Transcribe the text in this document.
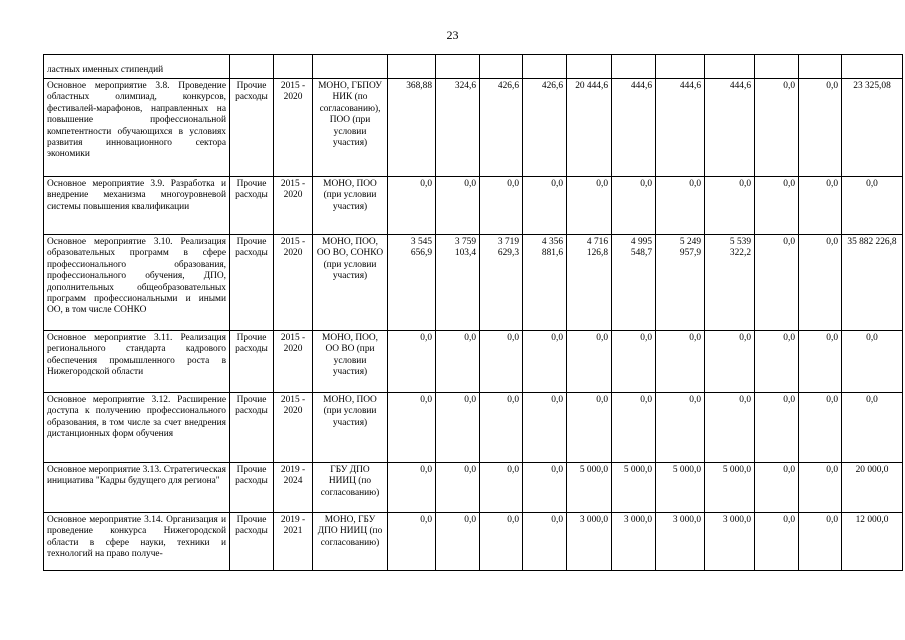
23
ластных именных стипендий														
Основное мероприятие 3.8. Проведение областных олимпиад, конкурсов, фестивалей-марафонов, направленных на повышение профессиональной компетентности обучающихся в условиях развития инновационного сектора экономики	Прочие расходы	2015 - 2020	МОНО, ГБПОУ НИК (по согласованию), ПОО (при условии участия)	368,88	324,6	426,6	426,6	20 444,6	444,6	444,6	444,6	0,0	0,0	23 325,08
Основное мероприятие 3.9. Разработка и внедрение механизма многоуровневой системы повышения квалификации	Прочие расходы	2015 - 2020	МОНО, ПОО (при условии участия)	0,0	0,0	0,0	0,0	0,0	0,0	0,0	0,0	0,0	0,0	0,0
Основное мероприятие 3.10. Реализация образовательных программ в сфере профессионального образования, профессионального обучения, ДПО, дополнительных общеобразовательных программ профессиональными и иными ОО, в том числе СОНКО	Прочие расходы	2015 - 2020	МОНО, ПОО, ОО ВО, СОНКО (при условии участия)	3 545 656,9	3 759 103,4	3 719 629,3	4 356 881,6	4 716 126,8	4 995 548,7	5 249 957,9	5 539 322,2	0,0	0,0	35 882 226,8
Основное мероприятие 3.11. Реализация регионального стандарта кадрового обеспечения промышленного роста в Нижегородской области	Прочие расходы	2015 - 2020	МОНО, ПОО, ОО ВО (при условии участия)	0,0	0,0	0,0	0,0	0,0	0,0	0,0	0,0	0,0	0,0	0,0
Основное мероприятие 3.12. Расширение доступа к получению профессионального образования, в том числе за счет внедрения дистанционных форм обучения	Прочие расходы	2015 - 2020	МОНО, ПОО (при условии участия)	0,0	0,0	0,0	0,0	0,0	0,0	0,0	0,0	0,0	0,0	0,0
Основное мероприятие 3.13. Стратегическая инициатива "Кадры будущего для региона"	Прочие расходы	2019 - 2024	ГБУ ДПО НИИЦ (по согласованию)	0,0	0,0	0,0	0,0	5 000,0	5 000,0	5 000,0	5 000,0	0,0	0,0	20 000,0
Основное мероприятие 3.14. Организация и проведение конкурса Нижегородской области в сфере науки, техники и технологий на право получе-	Прочие расходы	2019 - 2021	МОНО, ГБУ ДПО НИИЦ (по согласованию)	0,0	0,0	0,0	0,0	3 000,0	3 000,0	3 000,0	3 000,0	0,0	0,0	12 000,0
